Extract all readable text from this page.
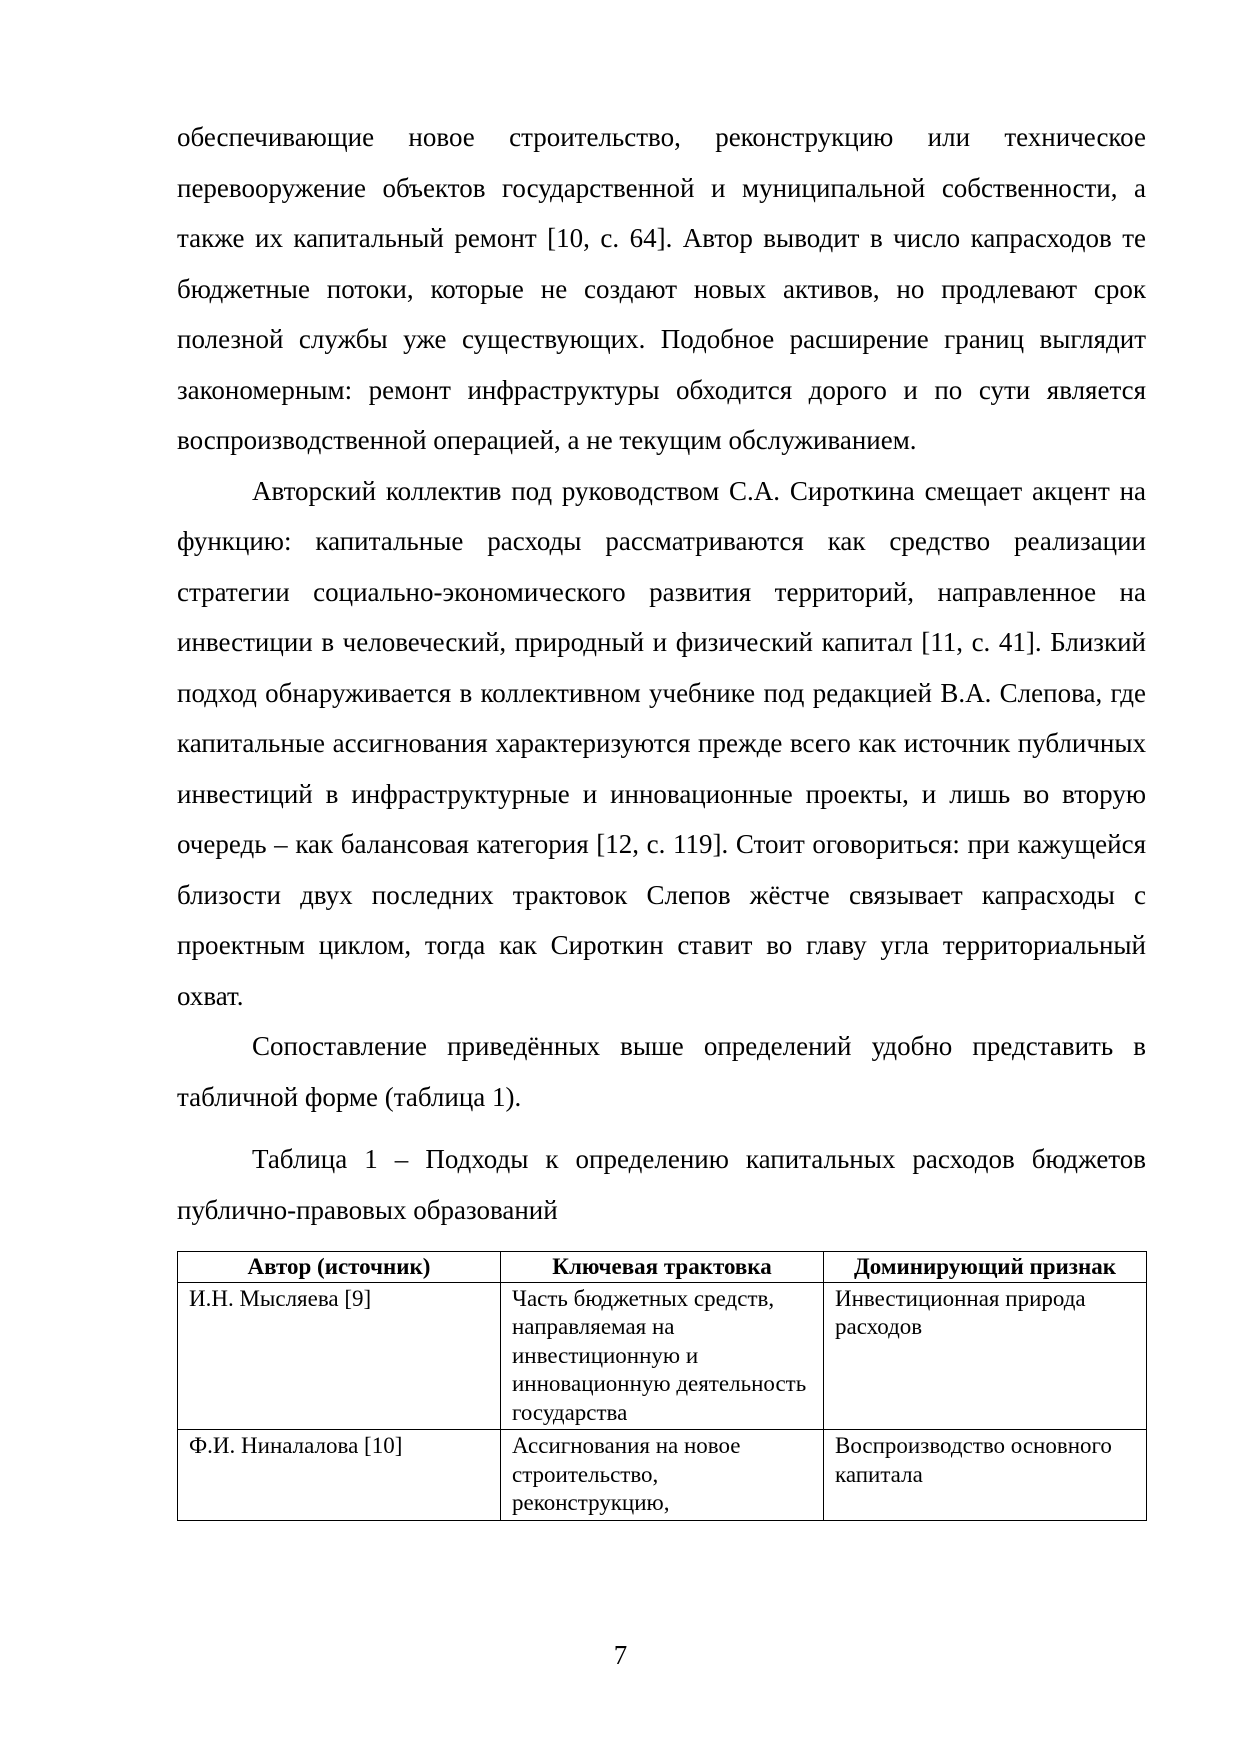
обеспечивающие новое строительство, реконструкцию или техническое перевооружение объектов государственной и муниципальной собственности, а также их капитальный ремонт [10, с. 64]. Автор выводит в число капрасходов те бюджетные потоки, которые не создают новых активов, но продлевают срок полезной службы уже существующих. Подобное расширение границ выглядит закономерным: ремонт инфраструктуры обходится дорого и по сути является воспроизводственной операцией, а не текущим обслуживанием.

Авторский коллектив под руководством С.А. Сироткина смещает акцент на функцию: капитальные расходы рассматриваются как средство реализации стратегии социально-экономического развития территорий, направленное на инвестиции в человеческий, природный и физический капитал [11, с. 41]. Близкий подход обнаруживается в коллективном учебнике под редакцией В.А. Слепова, где капитальные ассигнования характеризуются прежде всего как источник публичных инвестиций в инфраструктурные и инновационные проекты, и лишь во вторую очередь – как балансовая категория [12, с. 119]. Стоит оговориться: при кажущейся близости двух последних трактовок Слепов жёстче связывает капрасходы с проектным циклом, тогда как Сироткин ставит во главу угла территориальный охват.

Сопоставление приведённых выше определений удобно представить в табличной форме (таблица 1).

Таблица 1 – Подходы к определению капитальных расходов бюджетов публично-правовых образований

Автор (источник)	Ключевая трактовка	Доминирующий признак
И.Н. Мысляева [9]	Часть бюджетных средств, направляемая на инвестиционную и инновационную деятельность государства	Инвестиционная природа расходов
Ф.И. Ниналалова [10]	Ассигнования на новое строительство, реконструкцию,	Воспроизводство основного капитала
7
